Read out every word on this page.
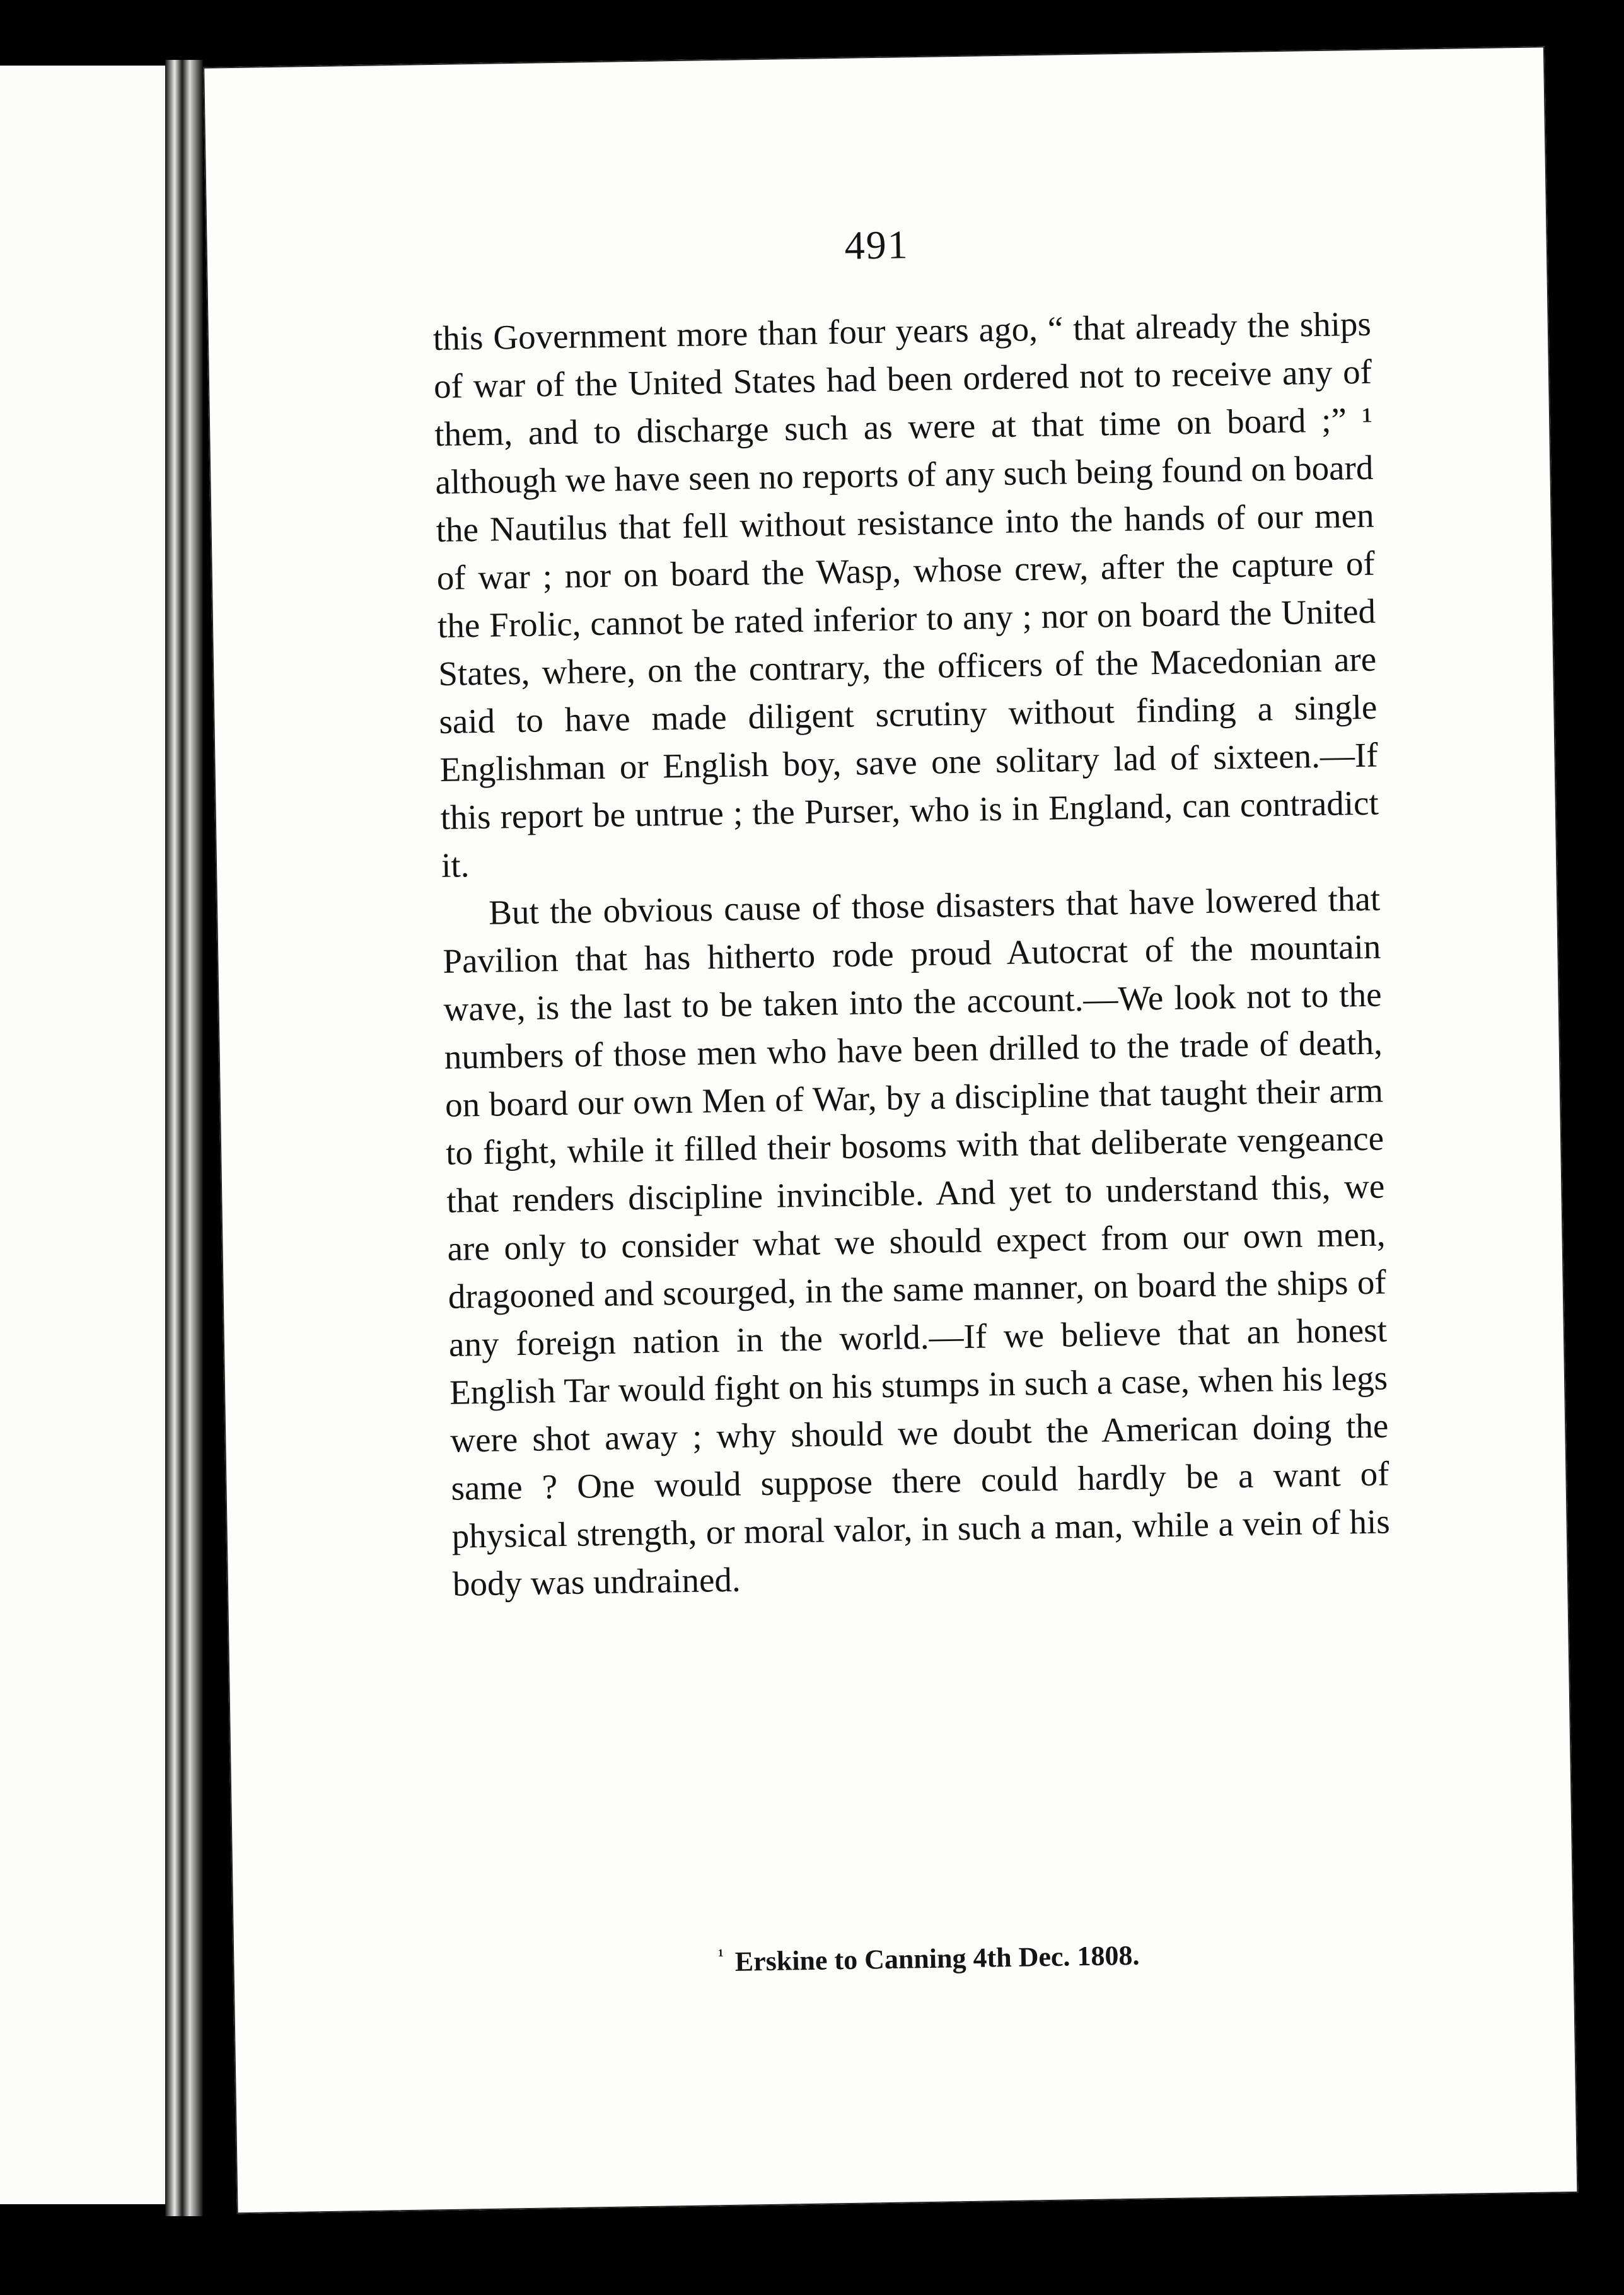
491

this Government more than four years ago, “ that already the ships of war of the United States had been ordered not to receive any of them, and to discharge such as were at that time on board ;” ¹ although we have seen no reports of any such being found on board the Nautilus that fell without resistance into the hands of our men of war ; nor on board the Wasp, whose crew, after the capture of the Frolic, cannot be rated inferior to any ; nor on board the United States, where, on the contrary, the officers of the Macedonian are said to have made diligent scrutiny without finding a single Englishman or English boy, save one solitary lad of sixteen.—If this report be untrue ; the Purser, who is in England, can contradict it.

But the obvious cause of those disasters that have lowered that Pavilion that has hitherto rode proud Autocrat of the mountain wave, is the last to be taken into the account.—We look not to the numbers of those men who have been drilled to the trade of death, on board our own Men of War, by a discipline that taught their arm to fight, while it filled their bosoms with that deliberate vengeance that renders discipline invincible. And yet to understand this, we are only to consider what we should expect from our own men, dragooned and scourged, in the same manner, on board the ships of any foreign nation in the world.—If we believe that an honest English Tar would fight on his stumps in such a case, when his legs were shot away ; why should we doubt the American doing the same ? One would suppose there could hardly be a want of physical strength, or moral valor, in such a man, while a vein of his body was undrained.

$^{^1}$ Erskine to Canning 4th Dec. 1808.
